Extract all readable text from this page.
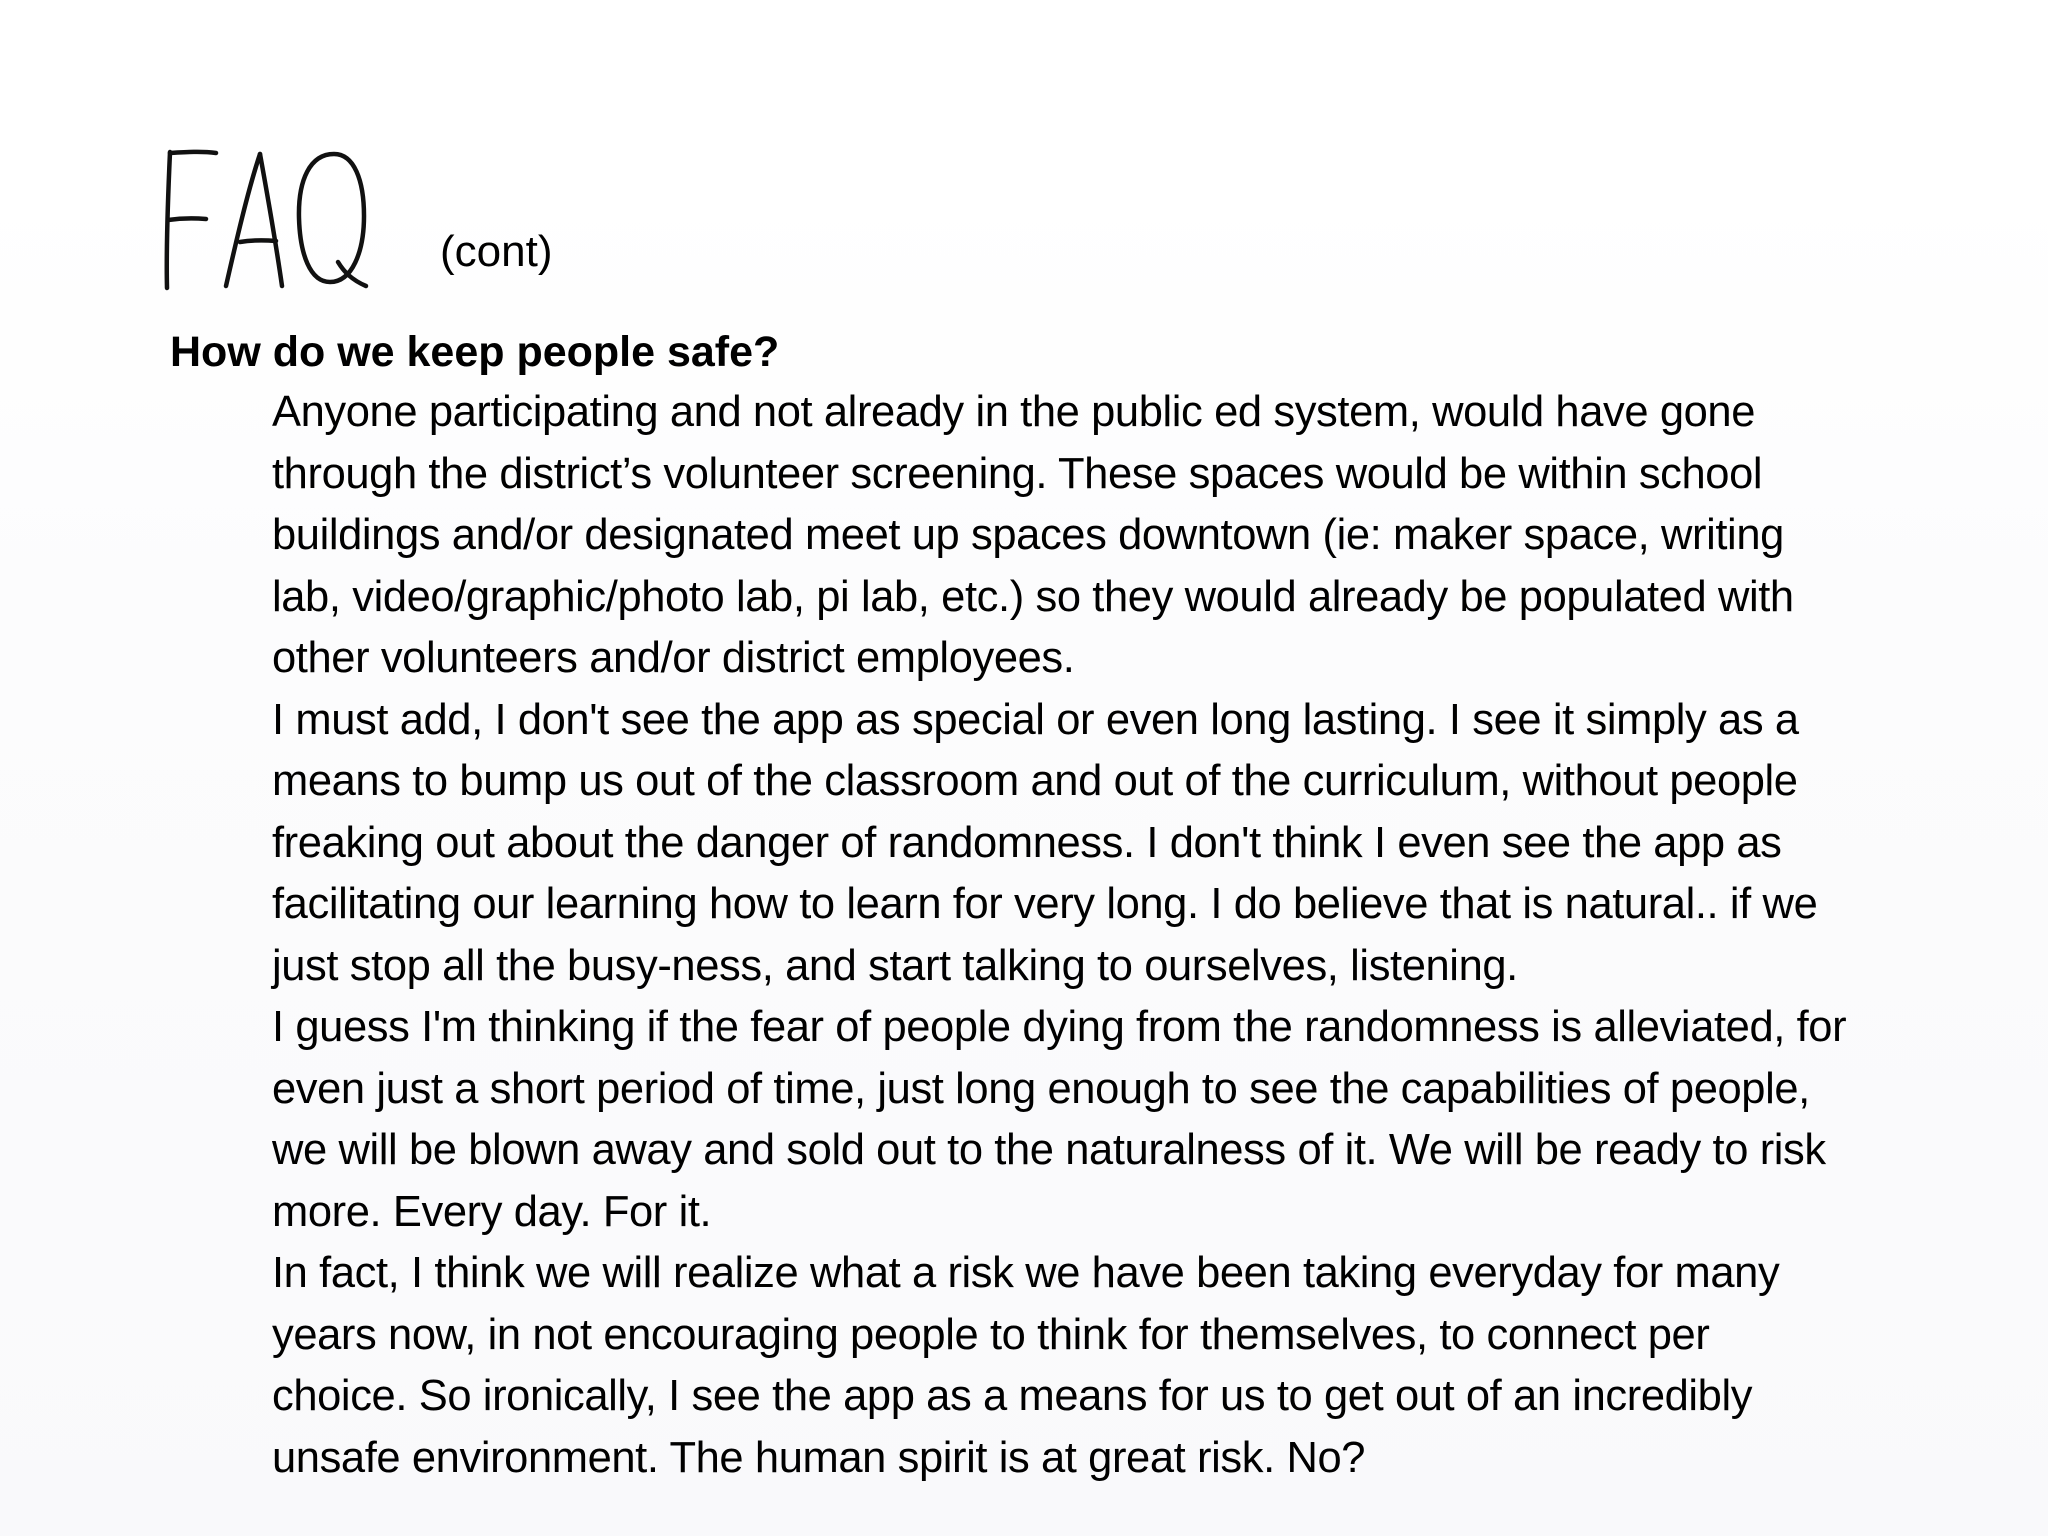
(cont)
How do we keep people safe?
Anyone participating and not already in the public ed system, would have gone
through the district’s volunteer screening. These spaces would be within school
buildings and/or designated meet up spaces downtown (ie: maker space, writing
lab, video/graphic/photo lab, pi lab, etc.) so they would already be populated with
other volunteers and/or district employees.
I must add, I don't see the app as special or even long lasting. I see it simply as a
means to bump us out of the classroom and out of the curriculum, without people
freaking out about the danger of randomness. I don't think I even see the app as
facilitating our learning how to learn for very long. I do believe that is natural.. if we
just stop all the busy-ness, and start talking to ourselves, listening.
I guess I'm thinking if the fear of people dying from the randomness is alleviated, for
even just a short period of time, just long enough to see the capabilities of people,
we will be blown away and sold out to the naturalness of it. We will be ready to risk
more. Every day. For it.
In fact, I think we will realize what a risk we have been taking everyday for many
years now, in not encouraging people to think for themselves, to connect per
choice. So ironically, I see the app as a means for us to get out of an incredibly
unsafe environment. The human spirit is at great risk. No?
